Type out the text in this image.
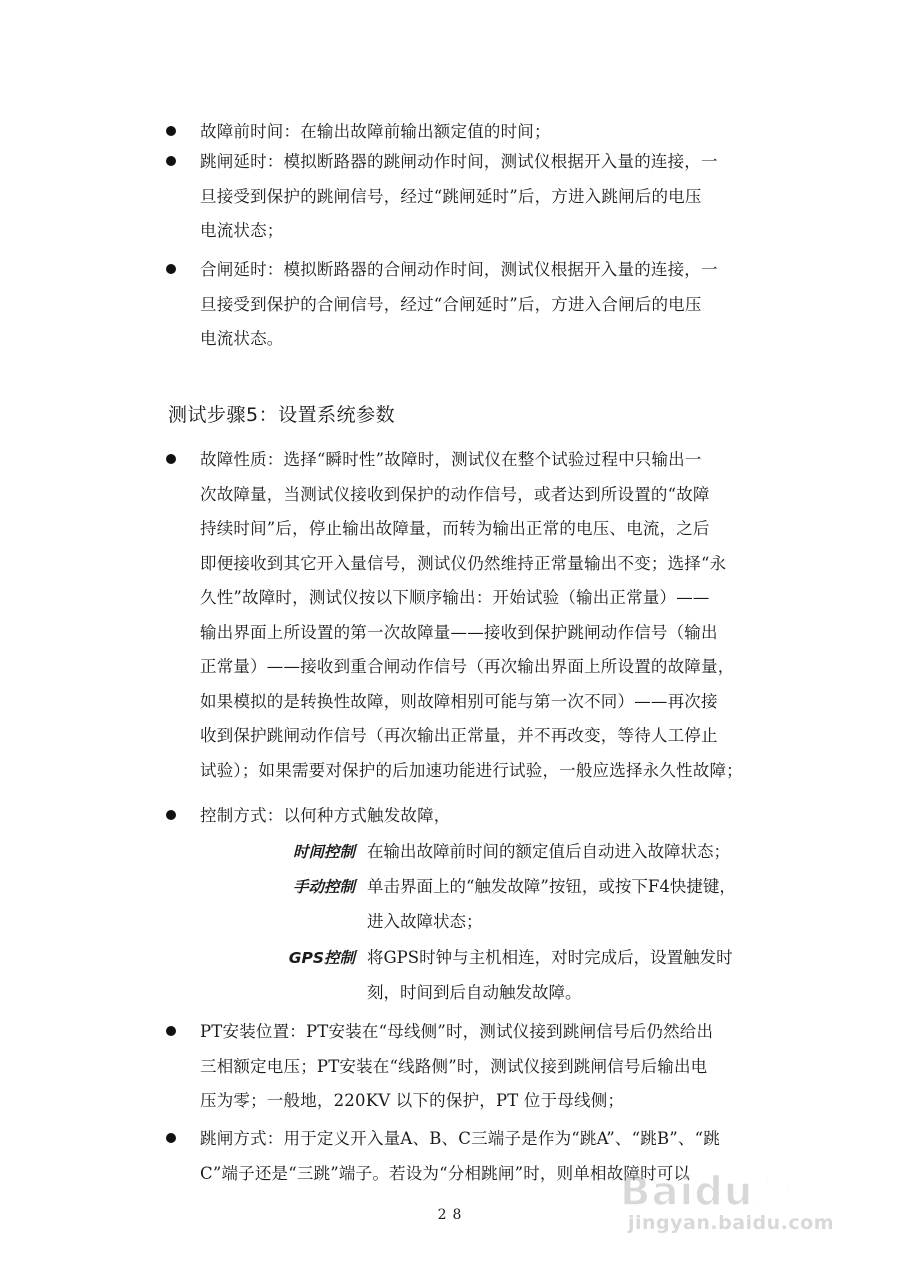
故障前时间：在输出故障前输出额定值的时间；
跳闸延时：模拟断路器的跳闸动作时间，测试仪根据开入量的连接，一
旦接受到保护的跳闸信号，经过“跳闸延时”后，方进入跳闸后的电压
电流状态；
合闸延时：模拟断路器的合闸动作时间，测试仪根据开入量的连接，一
旦接受到保护的合闸信号，经过“合闸延时”后，方进入合闸后的电压
电流状态。
测试步骤5：设置系统参数
故障性质：选择“瞬时性”故障时，测试仪在整个试验过程中只输出一
次故障量，当测试仪接收到保护的动作信号，或者达到所设置的“故障
持续时间”后，停止输出故障量，而转为输出正常的电压、电流，之后
即便接收到其它开入量信号，测试仪仍然维持正常量输出不变；选择“永
久性”故障时，测试仪按以下顺序输出：开始试验（输出正常量）——
输出界面上所设置的第一次故障量——接收到保护跳闸动作信号（输出
正常量）——接收到重合闸动作信号（再次输出界面上所设置的故障量，
如果模拟的是转换性故障，则故障相别可能与第一次不同）——再次接
收到保护跳闸动作信号（再次输出正常量，并不再改变，等待人工停止
试验）；如果需要对保护的后加速功能进行试验，一般应选择永久性故障；
控制方式：以何种方式触发故障，
时间控制 在输出故障前时间的额定值后自动进入故障状态；
手动控制 单击界面上的“触发故障”按钮，或按下F4快捷键，
进入故障状态；
GPS控制 将GPS时钟与主机相连，对时完成后，设置触发时
刻，时间到后自动触发故障。
PT安装位置：PT安装在“母线侧”时，测试仪接到跳闸信号后仍然给出
三相额定电压；PT安装在“线路侧”时，测试仪接到跳闸信号后输出电
压为零；一般地，220KV 以下的保护，PT 位于母线侧；
跳闸方式：用于定义开入量A、B、C三端子是作为“跳A”、“跳B”、“跳
C”端子还是“三跳”端子。若设为“分相跳闸”时，则单相故障时可以
28	Baidu经验
jingyan.baidu.com
